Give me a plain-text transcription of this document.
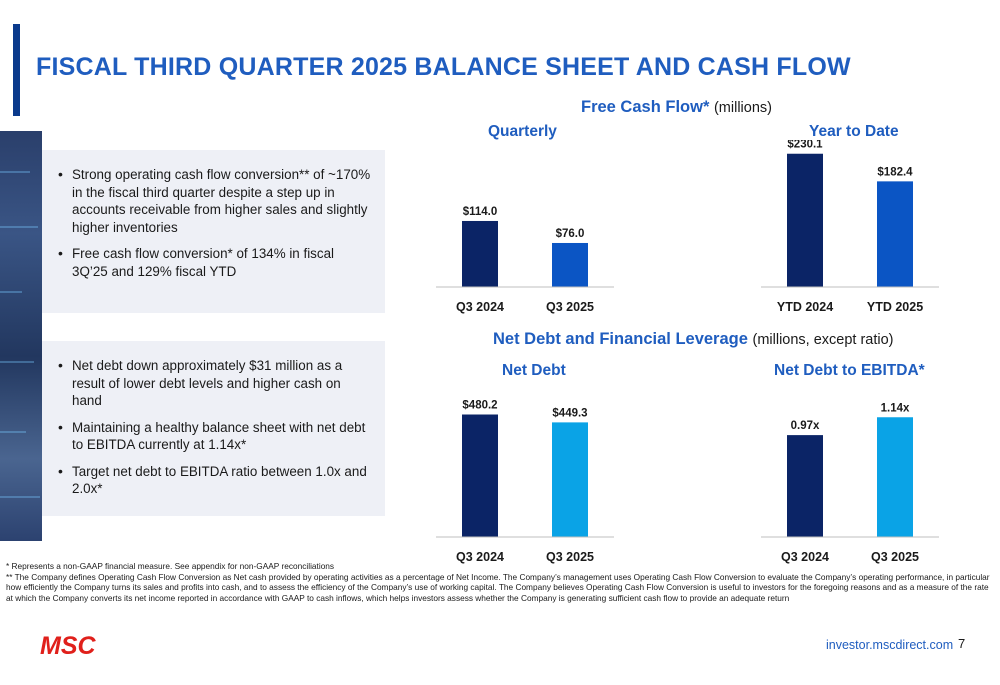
FISCAL THIRD QUARTER 2025 BALANCE SHEET AND CASH FLOW
• Strong operating cash flow conversion** of ~170% in the fiscal third quarter despite a step up in accounts receivable from higher sales and slightly higher inventories
• Free cash flow conversion* of 134% in fiscal 3Q’25 and 129% fiscal YTD
• Net debt down approximately $31 million as a result of lower debt levels and higher cash on hand
• Maintaining a healthy balance sheet with net debt to EBITDA currently at 1.14x*
• Target net debt to EBITDA ratio between 1.0x and 2.0x*
Free Cash Flow* (millions)
Net Debt and Financial Leverage (millions, except ratio)
Quarterly	Year to Date
Net Debt	Net Debt to EBITDA*
$114.0
Q3 2024
$76.0
Q3 2025
$230.1
YTD 2024
$182.4
YTD 2025
$480.2
Q3 2024
$449.3
Q3 2025
0.97x
Q3 2024
1.14x
Q3 2025

* Represents a non-GAAP financial measure. See appendix for non-GAAP reconciliations

** The Company defines Operating Cash Flow Conversion as Net cash provided by operating activities as a percentage of Net Income. The Company’s management uses Operating Cash Flow Conversion to evaluate the Company’s operating performance, in particular how efficiently the Company turns its sales and profits into cash, and to assess the efficiency of the Company’s use of working capital. The Company believes Operating Cash Flow Conversion is useful to investors for the foregoing reasons and as a measure of the rate at which the Company converts its net income reported in accordance with GAAP to cash inflows, which helps investors assess whether the Company is generating sufficient cash flow to provide an adequate return

MSC	investor.mscdirect.com 7
